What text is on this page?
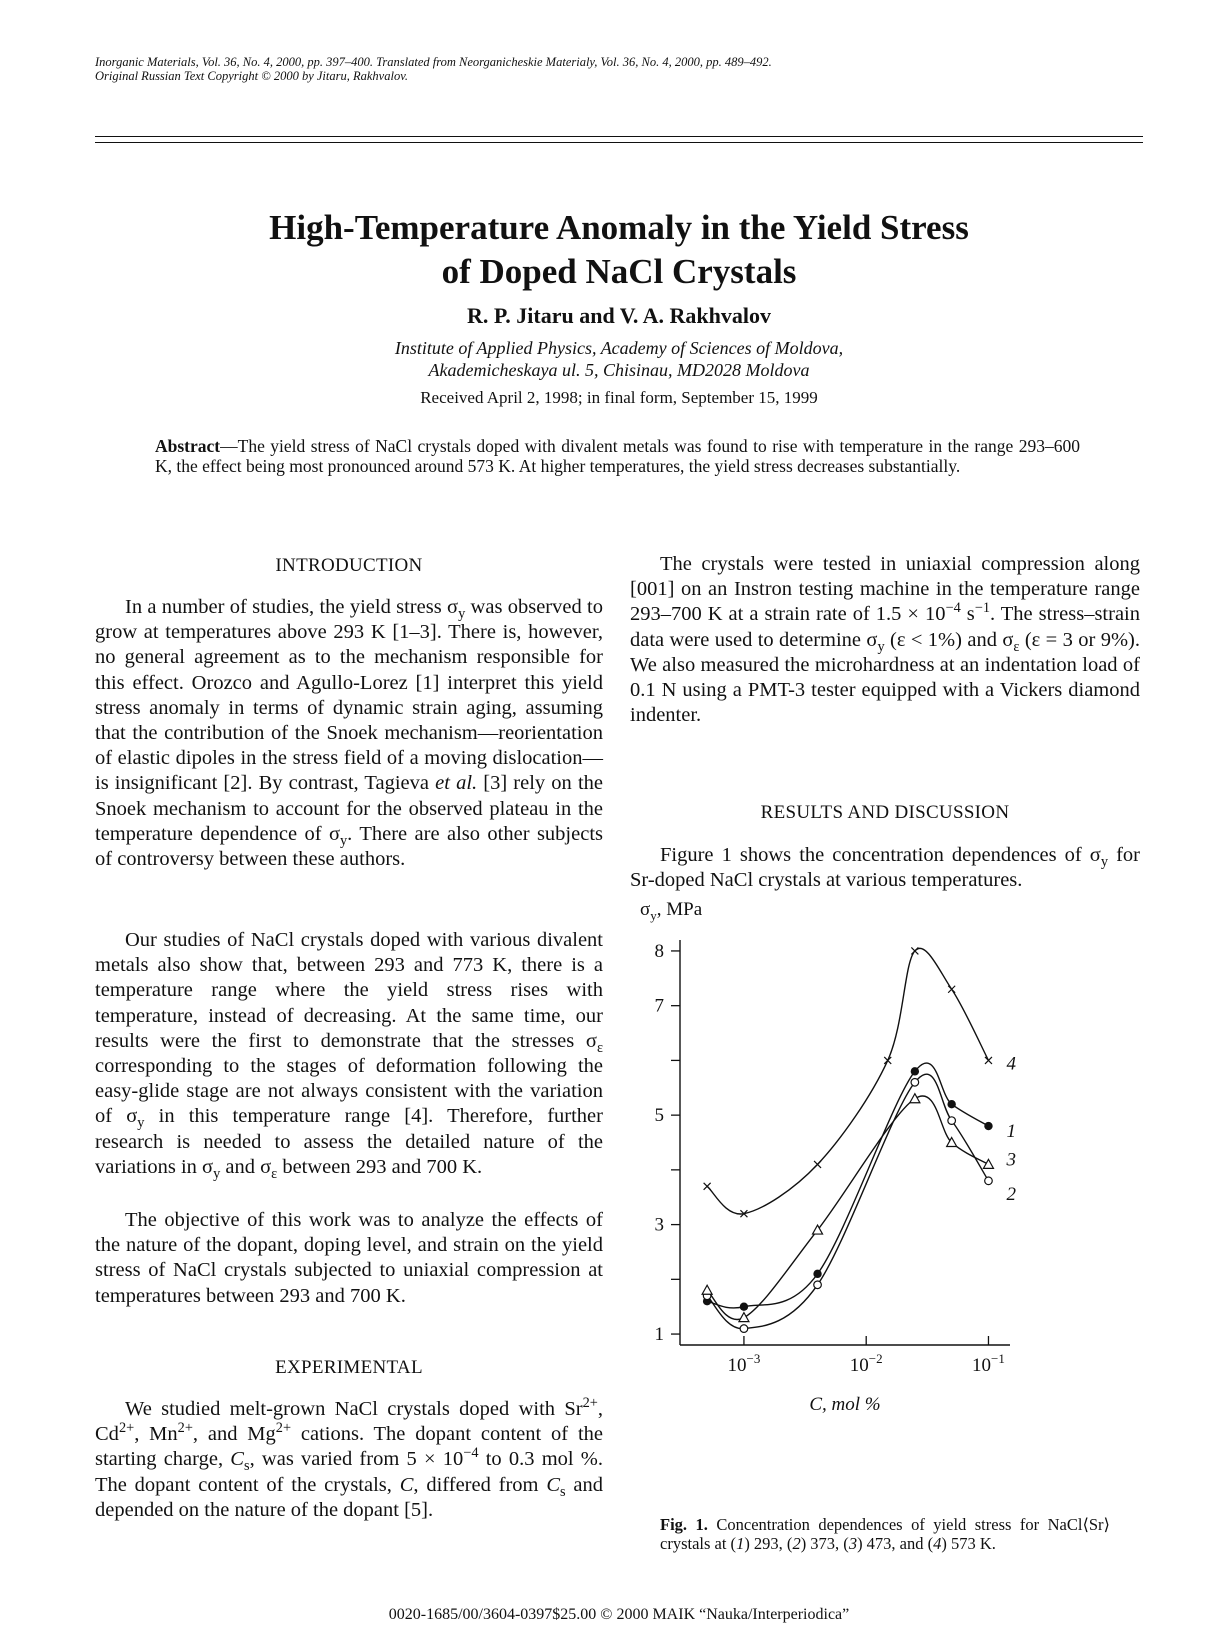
Inorganic Materials, Vol. 36, No. 4, 2000, pp. 397–400. Translated from Neorganicheskie Materialy, Vol. 36, No. 4, 2000, pp. 489–492.
Original Russian Text Copyright © 2000 by Jitaru, Rakhvalov.
High-Temperature Anomaly in the Yield Stress
of Doped NaCl Crystals
R. P. Jitaru and V. A. Rakhvalov
Institute of Applied Physics, Academy of Sciences of Moldova,
Akademicheskaya ul. 5, Chisinau, MD2028 Moldova
Received April 2, 1998; in final form, September 15, 1999
Abstract—The yield stress of NaCl crystals doped with divalent metals was found to rise with temperature in the range 293–600 K, the effect being most pronounced around 573 K. At higher temperatures, the yield stress decreases substantially.
INTRODUCTION

In a number of studies, the yield stress $\sigma_y$ was observed to grow at temperatures above 293 K [1–3]. There is, however, no general agreement as to the mechanism responsible for this effect. Orozco and Agullo-Lorez [1] interpret this yield stress anomaly in terms of dynamic strain aging, assuming that the contribution of the Snoek mechanism—reorientation of elastic dipoles in the stress field of a moving dislocation—is insignificant [2]. By contrast, Tagieva et al. [3] rely on the Snoek mechanism to account for the observed plateau in the temperature dependence of $\sigma_y$. There are also other subjects of controversy between these authors.

Our studies of NaCl crystals doped with various divalent metals also show that, between 293 and 773 K, there is a temperature range where the yield stress rises with temperature, instead of decreasing. At the same time, our results were the first to demonstrate that the stresses $\sigma_\varepsilon$ corresponding to the stages of deformation following the easy-glide stage are not always consistent with the variation of $\sigma_y$ in this temperature range [4]. Therefore, further research is needed to assess the detailed nature of the variations in $\sigma_y$ and $\sigma_\varepsilon$ between 293 and 700 K.

The objective of this work was to analyze the effects of the nature of the dopant, doping level, and strain on the yield stress of NaCl crystals subjected to uniaxial compression at temperatures between 293 and 700 K.

EXPERIMENTAL

We studied melt-grown NaCl crystals doped with $Sr^{2+}$, $Cd^{2+}$, $Mn^{2+}$, and $Mg^{2+}$ cations. The dopant content of the starting charge, $C_s$, was varied from $5 \times 10^{-4}$ to 0.3 mol %. The dopant content of the crystals, C, differed from $C_s$ and depended on the nature of the dopant [5].

The crystals were tested in uniaxial compression along [001] on an Instron testing machine in the temperature range 293–700 K at a strain rate of $1.5 \times 10^{-4}$ $s^{-1}$. The stress–strain data were used to determine $\sigma_y$ (ε < 1%) and $\sigma_\varepsilon$ (ε = 3 or 9%). We also measured the microhardness at an indentation load of 0.1 N using a PMT-3 tester equipped with a Vickers diamond indenter.

RESULTS AND DISCUSSION

Figure 1 shows the concentration dependences of $\sigma_y$ for Sr-doped NaCl crystals at various temperatures.

1
3
5
7
8
$10^{-3}$	$10^{-2}$	$10^{-1}$
$\sigma_y$, MPa
C, mol %
1
2
3
4
Fig. 1. Concentration dependences of yield stress for NaCl⟨Sr⟩ crystals at (1) 293, (2) 373, (3) 473, and (4) 573 K.
0020-1685/00/3604-0397$25.00 © 2000 MAIK “Nauka/Interperiodica”
